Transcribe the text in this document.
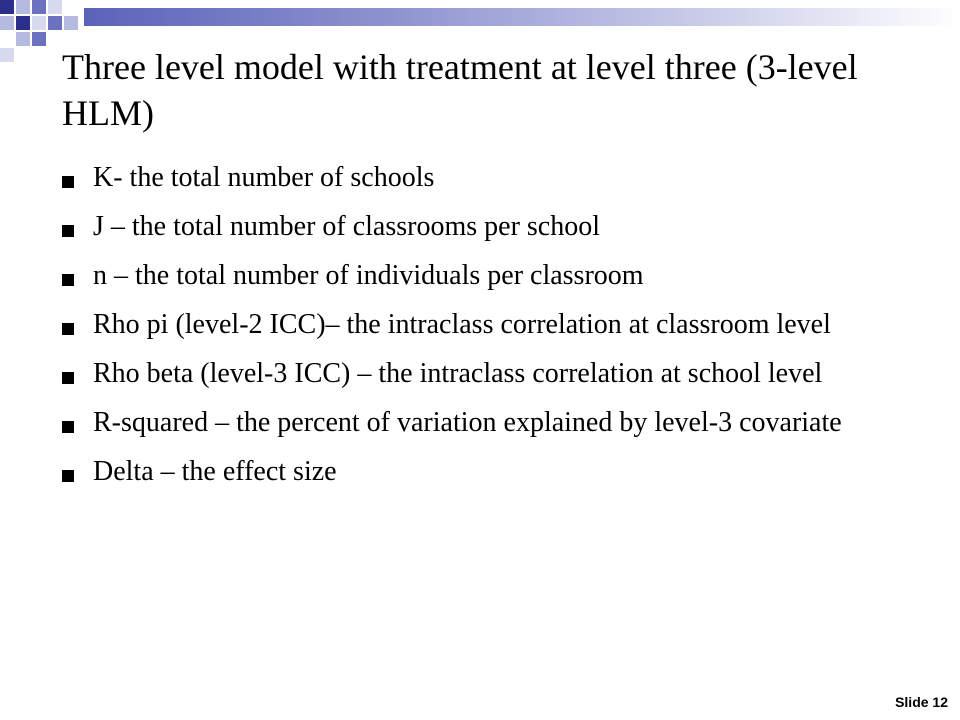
Three level model with treatment at level three (3-level HLM)
K- the total number of schools
J – the total number of classrooms per school
n – the total number of individuals per classroom
Rho pi (level-2 ICC)– the intraclass correlation at classroom level
Rho beta (level-3 ICC) – the intraclass correlation at school level
R-squared – the percent of variation explained by level-3 covariate
Delta – the effect size
Slide 12
